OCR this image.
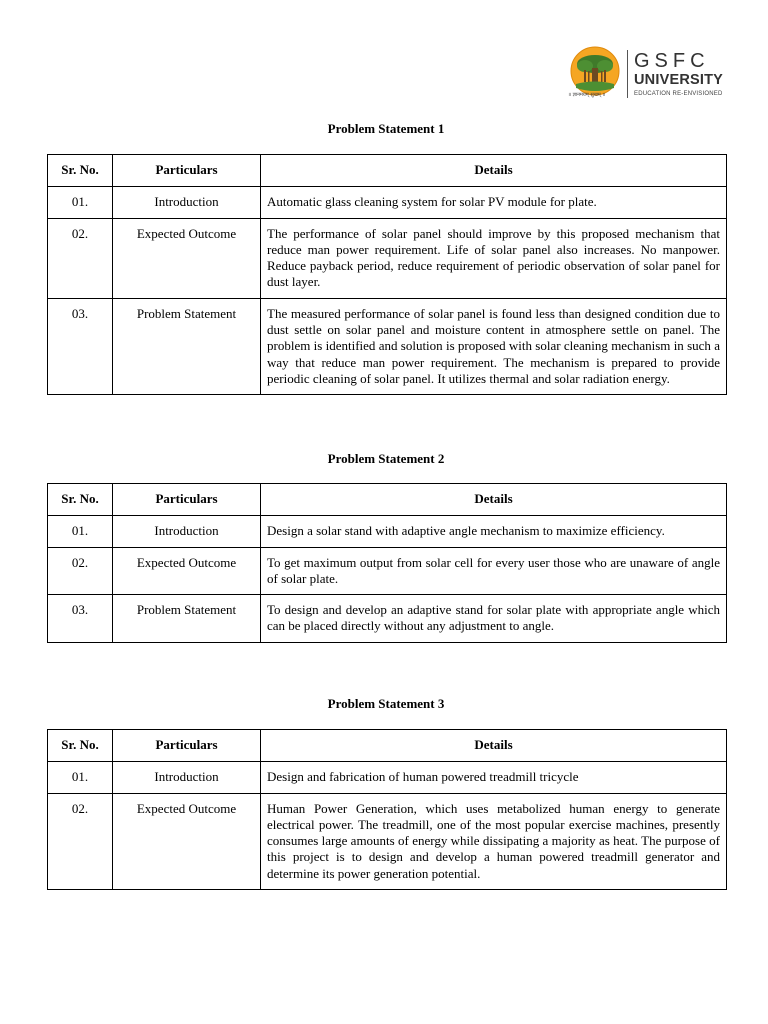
॥ ज्ञानमयम् सुखम् ॥
GSFC
UNIVERSITY
EDUCATION RE-ENVISIONED
Problem Statement 1
Sr. No.	Particulars	Details
01.	Introduction	Automatic glass cleaning system for solar PV module for plate.
02.	Expected Outcome	The performance of solar panel should improve by this proposed mechanism that reduce man power requirement. Life of solar panel also increases. No manpower. Reduce payback period, reduce requirement of periodic observation of solar panel for dust layer.
03.	Problem Statement	The measured performance of solar panel is found less than designed condition due to dust settle on solar panel and moisture content in atmosphere settle on panel. The problem is identified and solution is proposed with solar cleaning mechanism in such a way that reduce man power requirement. The mechanism is prepared to provide periodic cleaning of solar panel. It utilizes thermal and solar radiation energy.
Problem Statement 2
Sr. No.	Particulars	Details
01.	Introduction	Design a solar stand with adaptive angle mechanism to maximize efficiency.
02.	Expected Outcome	To get maximum output from solar cell for every user those who are unaware of angle of solar plate.
03.	Problem Statement	To design and develop an adaptive stand for solar plate with appropriate angle which can be placed directly without any adjustment to angle.
Problem Statement 3
Sr. No.	Particulars	Details
01.	Introduction	Design and fabrication of human powered treadmill tricycle
02.	Expected Outcome	Human Power Generation, which uses metabolized human energy to generate electrical power. The treadmill, one of the most popular exercise machines, presently consumes large amounts of energy while dissipating a majority as heat. The purpose of this project is to design and develop a human powered treadmill generator and determine its power generation potential.
